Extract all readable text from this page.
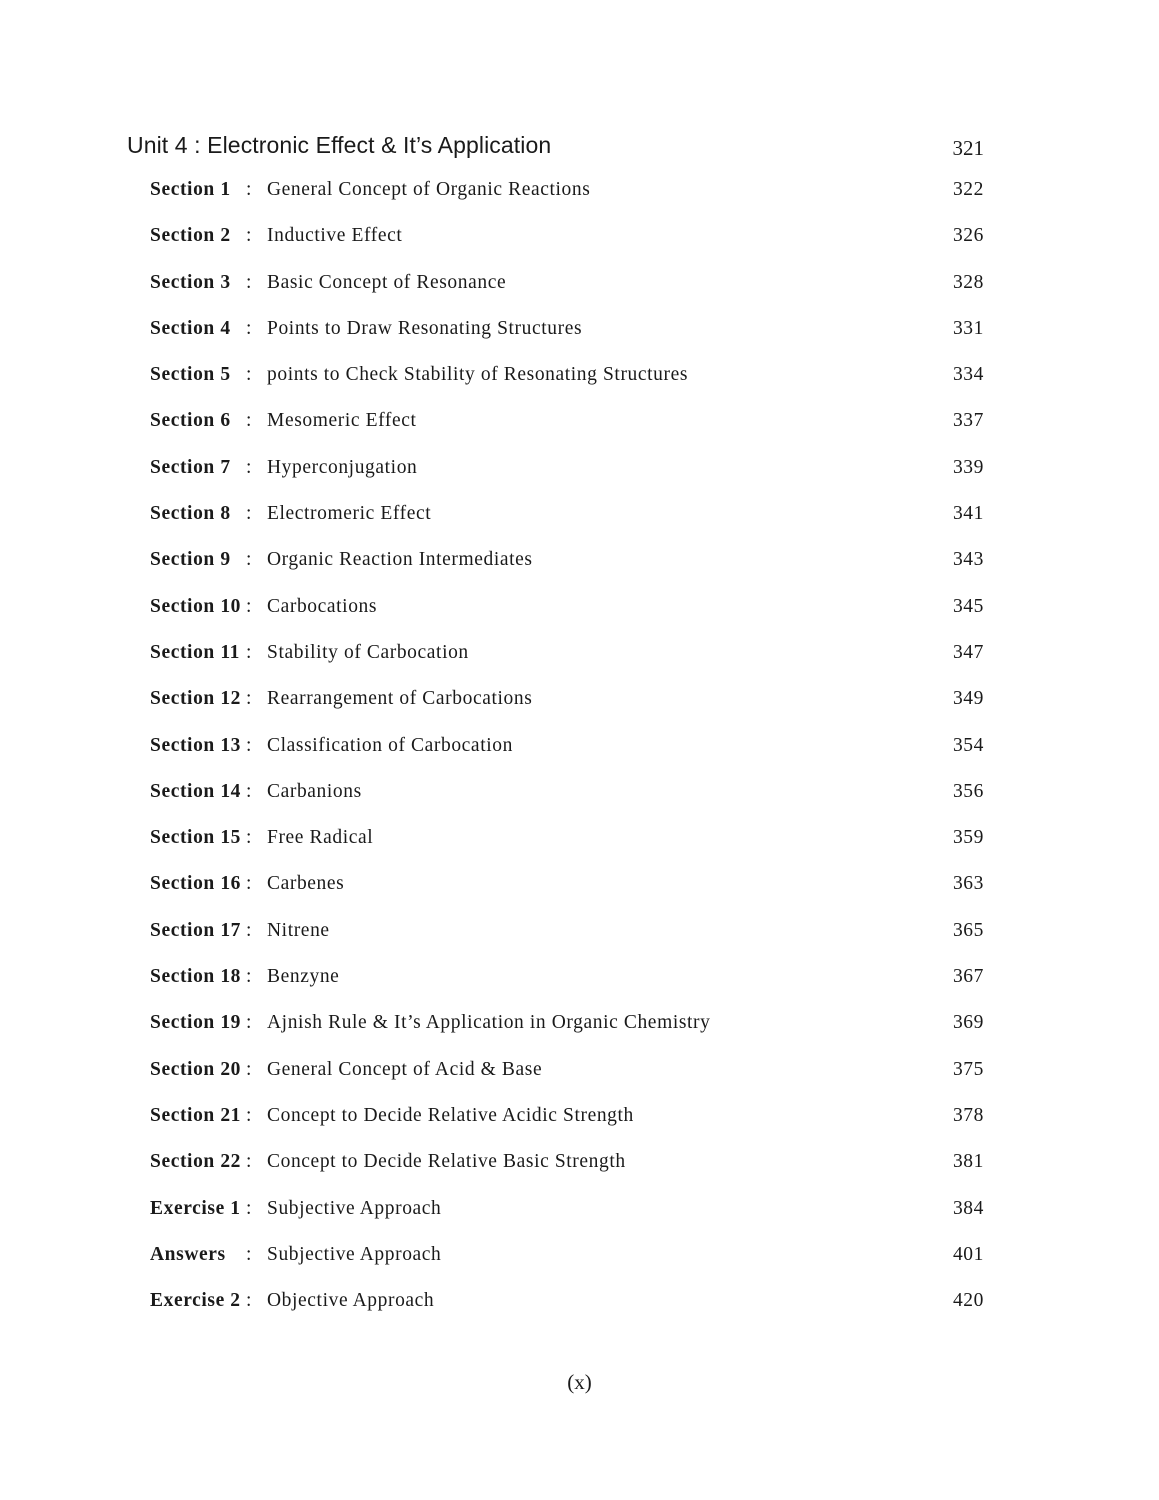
Unit 4 : Electronic Effect & It’s Application	321
Section 1 : General Concept of Organic Reactions	322
Section 2 : Inductive Effect	326
Section 3 : Basic Concept of Resonance	328
Section 4 : Points to Draw Resonating Structures	331
Section 5 : points to Check Stability of Resonating Structures	334
Section 6 : Mesomeric Effect	337
Section 7 : Hyperconjugation	339
Section 8 : Electromeric Effect	341
Section 9 : Organic Reaction Intermediates	343
Section 10 : Carbocations	345
Section 11 : Stability of Carbocation	347
Section 12 : Rearrangement of Carbocations	349
Section 13 : Classification of Carbocation	354
Section 14 : Carbanions	356
Section 15 : Free Radical	359
Section 16 : Carbenes	363
Section 17 : Nitrene	365
Section 18 : Benzyne	367
Section 19 : Ajnish Rule & It’s Application in Organic Chemistry	369
Section 20 : General Concept of Acid & Base	375
Section 21 : Concept to Decide Relative Acidic Strength	378
Section 22 : Concept to Decide Relative Basic Strength	381
Exercise 1 : Subjective Approach	384
Answers : Subjective Approach	401
Exercise 2 : Objective Approach	420
(x)
